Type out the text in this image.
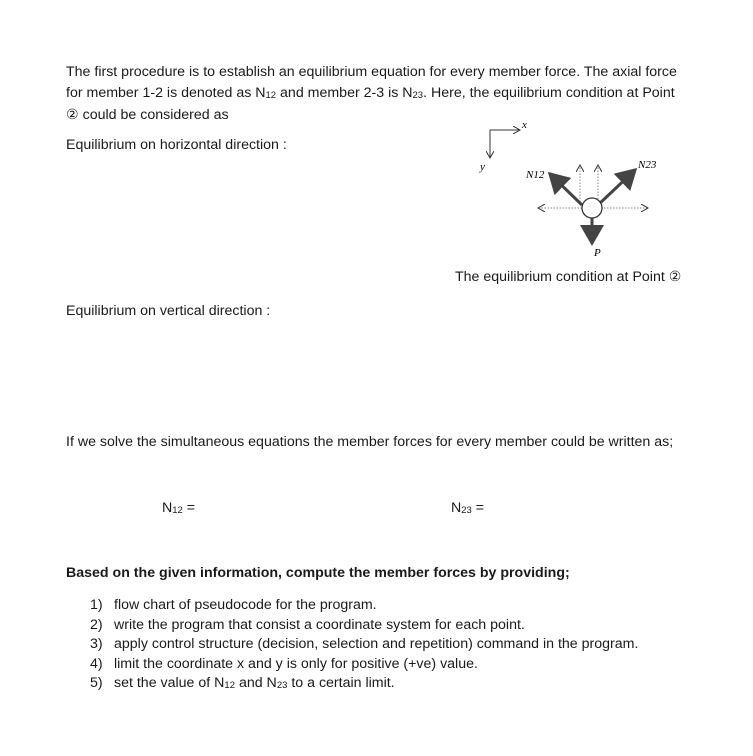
The first procedure is to establish an equilibrium equation for every member force. The axial force
for member 1-2 is denoted as $N_{12}$ and member 2-3 is $N_{23}$. Here, the equilibrium condition at Point
② could be considered as
Equilibrium on horizontal direction :
x
y
N12
N23
P
The equilibrium condition at Point ②
Equilibrium on vertical direction :
If we solve the simultaneous equations the member forces for every member could be written as;
$N_{12}$ =	$N_{23}$ =
Based on the given information, compute the member forces by providing;
1) flow chart of pseudocode for the program.
2) write the program that consist a coordinate system for each point.
3) apply control structure (decision, selection and repetition) command in the program.
4) limit the coordinate x and y is only for positive (+ve) value.
5) set the value of $N_{12}$ and $N_{23}$ to a certain limit.
